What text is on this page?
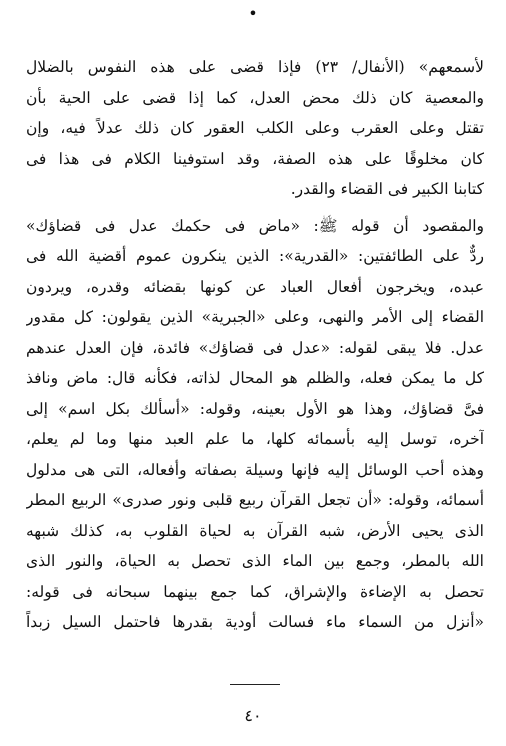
•
لأسمعهم» (الأنفال/ ٢٣) فإذا قضى على هذه النفوس بالضلال
والمعصية كان ذلك محض العدل، كما إذا قضى على الحية بأن
تقتل وعلى العقرب وعلى الكلب العقور كان ذلك عدلاً فيه، وإن
كان مخلوقًا على هذه الصفة، وقد استوفينا الكلام فى هذا فى
كتابنا الكبير فى القضاء والقدر.
والمقصود أن قوله ﷺ: «ماض فى حكمك عدل فى قضاؤك»
ردٌّ على الطائفتين: «القدرية»: الذين ينكرون عموم أقضية الله فى
عبده، ويخرجون أفعال العباد عن كونها بقضائه وقدره، ويردون
القضاء إلى الأمر والنهى، وعلى «الجبرية» الذين يقولون: كل مقدور
عدل. فلا يبقى لقوله: «عدل فى قضاؤك» فائدة، فإن العدل عندهم
كل ما يمكن فعله، والظلم هو المحال لذاته، فكأنه قال: ماض ونافذ
فىَّ قضاؤك، وهذا هو الأول بعينه، وقوله: «أسألك بكل اسم» إلى
آخره، توسل إليه بأسمائه كلها، ما علم العبد منها وما لم يعلم،
وهذه أحب الوسائل إليه فإنها وسيلة بصفاته وأفعاله، التى هى مدلول
أسمائه، وقوله: «أن تجعل القرآن ربيع قلبى ونور صدرى» الربيع المطر
الذى يحيى الأرض، شبه القرآن به لحياة القلوب به، كذلك شبهه
الله بالمطر، وجمع بين الماء الذى تحصل به الحياة، والنور الذى
تحصل به الإضاءة والإشراق، كما جمع بينهما سبحانه فى قوله:
«أنزل من السماء ماء فسالت أودية بقدرها فاحتمل السيل زبداً
٤٠
